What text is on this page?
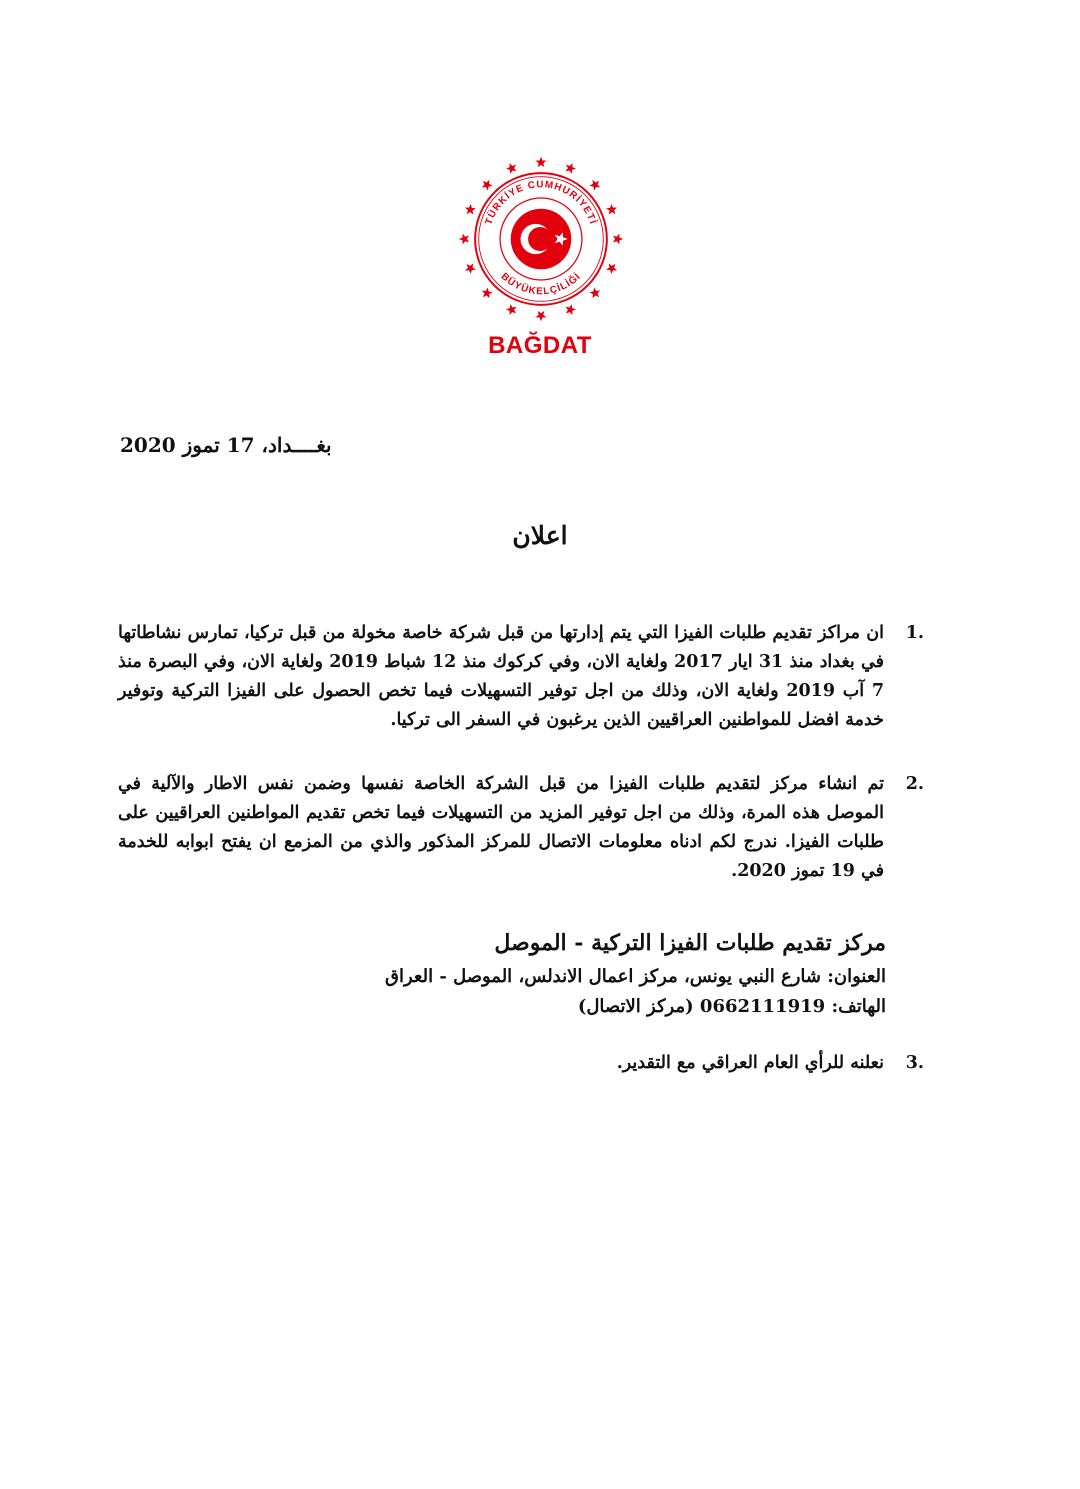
TÜRKİYE CUMHURİYETİ
BÜYÜKELÇİLİĞİ
BAĞDAT
بغــــداد، 17 تموز 2020
اعلان
1.
ان مراكز تقديم طلبات الفيزا التي يتم إدارتها من قبل شركة خاصة مخولة من قبل تركيا، تمارس نشاطاتها في بغداد منذ 31 ايار 2017 ولغاية الان، وفي كركوك منذ 12 شباط 2019 ولغاية الان، وفي البصرة منذ 7 آب 2019 ولغاية الان، وذلك من اجل توفير التسهيلات فيما تخص الحصول على الفيزا التركية وتوفير خدمة افضل للمواطنين العراقيين الذين يرغبون في السفر الى تركيا.
2.
تم انشاء مركز لتقديم طلبات الفيزا من قبل الشركة الخاصة نفسها وضمن نفس الاطار والآلية في الموصل هذه المرة، وذلك من اجل توفير المزيد من التسهيلات فيما تخص تقديم المواطنين العراقيين على طلبات الفيزا. ندرج لكم ادناه معلومات الاتصال للمركز المذكور والذي من المزمع ان يفتح ابوابه للخدمة في 19 تموز 2020.
مركز تقديم طلبات الفيزا التركية - الموصل
العنوان: شارع النبي يونس، مركز اعمال الاندلس، الموصل - العراق
الهاتف: 0662111919 (مركز الاتصال)
3.
نعلنه للرأي العام العراقي مع التقدير.
